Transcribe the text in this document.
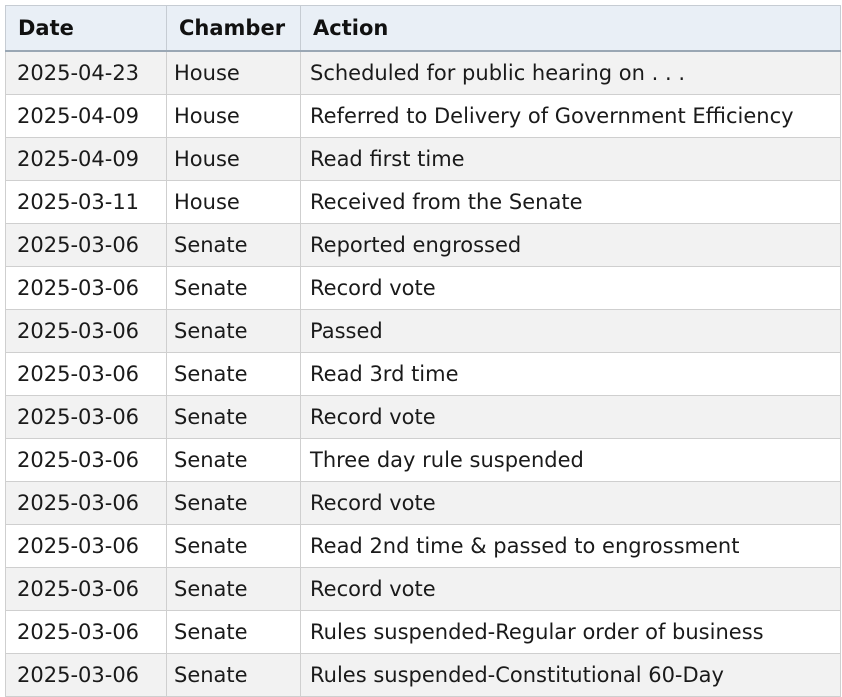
Date	Chamber	Action
2025-04-23	House	Scheduled for public hearing on . . .
2025-04-09	House	Referred to Delivery of Government Efficiency
2025-04-09	House	Read first time
2025-03-11	House	Received from the Senate
2025-03-06	Senate	Reported engrossed
2025-03-06	Senate	Record vote
2025-03-06	Senate	Passed
2025-03-06	Senate	Read 3rd time
2025-03-06	Senate	Record vote
2025-03-06	Senate	Three day rule suspended
2025-03-06	Senate	Record vote
2025-03-06	Senate	Read 2nd time & passed to engrossment
2025-03-06	Senate	Record vote
2025-03-06	Senate	Rules suspended-Regular order of business
2025-03-06	Senate	Rules suspended-Constitutional 60-Day
